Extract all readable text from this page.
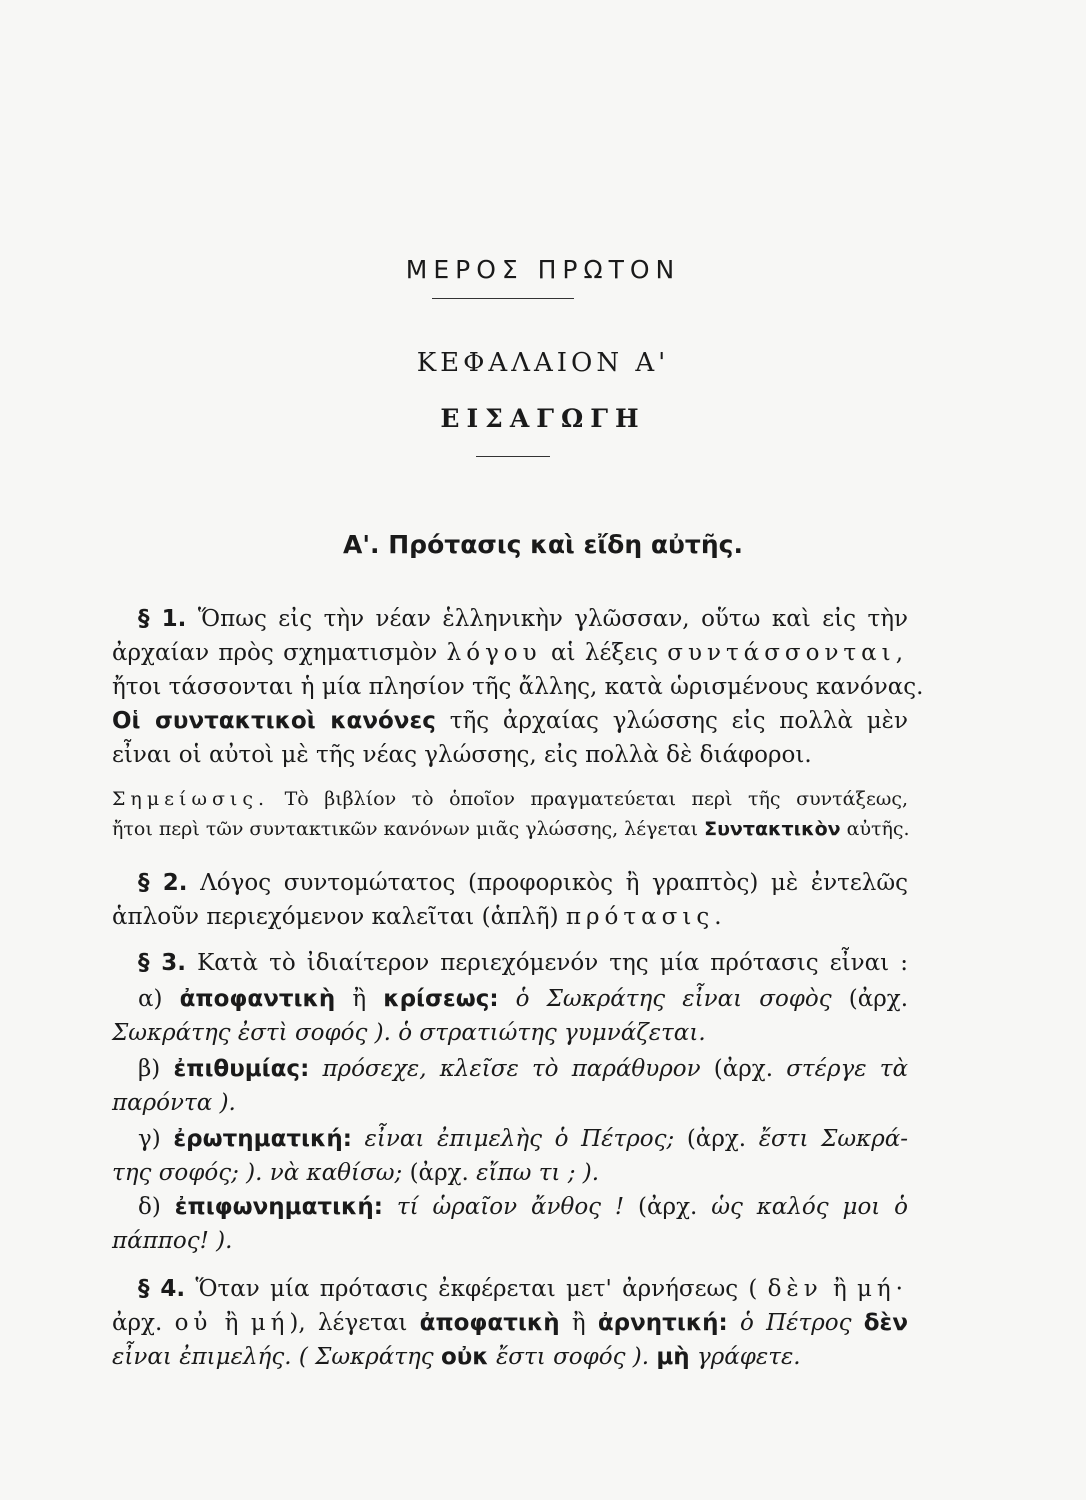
ΜΕΡΟΣ ΠΡΩΤΟΝ
ΚΕΦΑΛΑΙΟΝ Α'
ΕΙΣΑΓΩΓΗ
Α'. Πρότασις καὶ εἴδη αὐτῆς.
§ 1. Ὅπως εἰς τὴν νέαν ἑλληνικὴν γλῶσσαν, οὕτω καὶ εἰς τὴν
ἀρχαίαν πρὸς σχηματισμὸν λόγου αἱ λέξεις συντάσσονται,
ἤτοι τάσσονται ἡ μία πλησίον τῆς ἄλλης, κατὰ ὡρισμένους κανόνας.
Οἱ συντακτικοὶ κανόνες τῆς ἀρχαίας γλώσσης εἰς πολλὰ μὲν
εἶναι οἱ αὐτοὶ μὲ τῆς νέας γλώσσης, εἰς πολλὰ δὲ διάφοροι.
Σημείωσις. Τὸ βιβλίον τὸ ὁποῖον πραγματεύεται περὶ τῆς συντάξεως,
ἤτοι περὶ τῶν συντακτικῶν κανόνων μιᾶς γλώσσης, λέγεται Συντακτικὸν αὐτῆς.
§ 2. Λόγος συντομώτατος (προφορικὸς ἢ γραπτὸς) μὲ ἐντελῶς
ἁπλοῦν περιεχόμενον καλεῖται (ἁπλῆ) πρότασις.
§ 3. Κατὰ τὸ ἰδιαίτερον περιεχόμενόν της μία πρότασις εἶναι :
α) ἀποφαντικὴ ἢ κρίσεως: ὁ Σωκράτης εἶναι σοφὸς (ἀρχ.
Σωκράτης ἐστὶ σοφός ). ὁ στρατιώτης γυμνάζεται.
β) ἐπιθυμίας: πρόσεχε, κλεῖσε τὸ παράθυρον (ἀρχ. στέργε τὰ
παρόντα ).
γ) ἐρωτηματική: εἶναι ἐπιμελὴς ὁ Πέτρος; (ἀρχ. ἔστι Σωκρά-
της σοφός; ). νὰ καθίσω; (ἀρχ. εἴπω τι ; ).
δ) ἐπιφωνηματική: τί ὡραῖον ἄνθος ! (ἀρχ. ὡς καλός μοι ὁ
πάππος! ).
§ 4. Ὅταν μία πρότασις ἐκφέρεται μετ' ἀρνήσεως ( δὲν ἢ μή·
ἀρχ. οὐ ἢ μή), λέγεται ἀποφατικὴ ἢ ἀρνητική: ὁ Πέτρος δὲν
εἶναι ἐπιμελής. ( Σωκράτης οὐκ ἔστι σοφός ). μὴ γράφετε.
